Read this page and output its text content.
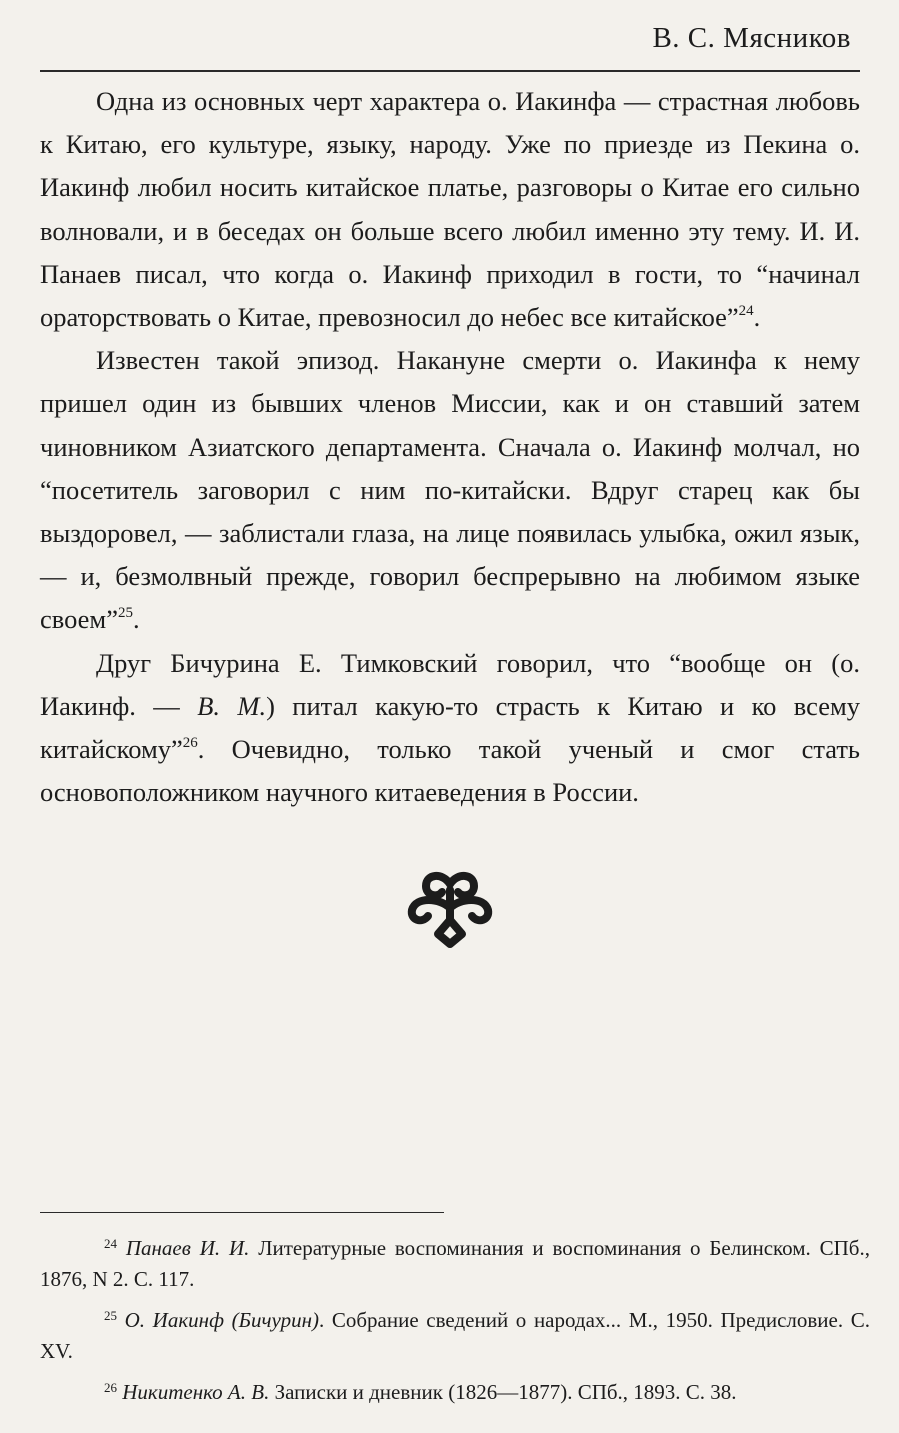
В. С. Мясников

Одна из основных черт характера о. Иакинфа — страстная любовь к Китаю, его культуре, языку, народу. Уже по приезде из Пекина о. Иакинф любил носить китайское платье, разговоры о Китае его сильно волновали, и в беседах он больше всего любил именно эту тему. И. И. Панаев писал, что когда о. Иакинф приходил в гости, то “начинал ораторствовать о Китае, превозносил до небес все китайское”$^{24}$.

Известен такой эпизод. Накануне смерти о. Иакинфа к нему пришел один из бывших членов Миссии, как и он ставший затем чиновником Азиатского департамента. Сначала о. Иакинф молчал, но “посетитель заговорил с ним по-китайски. Вдруг старец как бы выздоровел, — заблистали глаза, на лице появилась улыбка, ожил язык, — и, безмолвный прежде, говорил беспрерывно на любимом языке своем”$^{25}$.

Друг Бичурина Е. Тимковский говорил, что “вообще он (о. Иакинф. — В. М.) питал какую-то страсть к Китаю и ко всему китайскому”$^{26}$. Очевидно, только такой ученый и смог стать основоположником научного китаеведения в России.

$^{24}$ Панаев И. И. Литературные воспоминания и воспоминания о Белинском. СПб., 1876, N 2. С. 117.

$^{25}$ О. Иакинф (Бичурин). Собрание сведений о народах... М., 1950. Предисловие. С. XV.

$^{26}$ Никитенко А. В. Записки и дневник (1826—1877). СПб., 1893. С. 38.
